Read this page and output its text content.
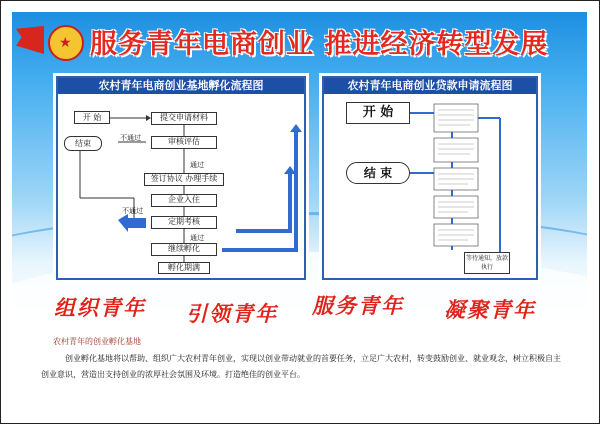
★ 服务青年电商创业 推进经济转型发展
农村青年电商创业基地孵化流程图
开 始
结束
提交申请材料
审核评估
通过
不通过
签订协议 办理手续
企业入住
定期考核
不通过
通过
继续孵化
孵化期满
农村青年电商创业贷款申请流程图
开 始
结 束
等待通知，放款执行
组织青年 引领青年 服务青年 凝聚青年
农村青年的创业孵化基地
创业孵化基地将以帮助、组织广大农村青年创业，实现以创业带动就业的首要任务，立足广大农村，转变鼓励创业、就业观念，树立积极自主创业意识，营造出支持创业的浓厚社会氛围及环境。打造绝佳的创业平台。
